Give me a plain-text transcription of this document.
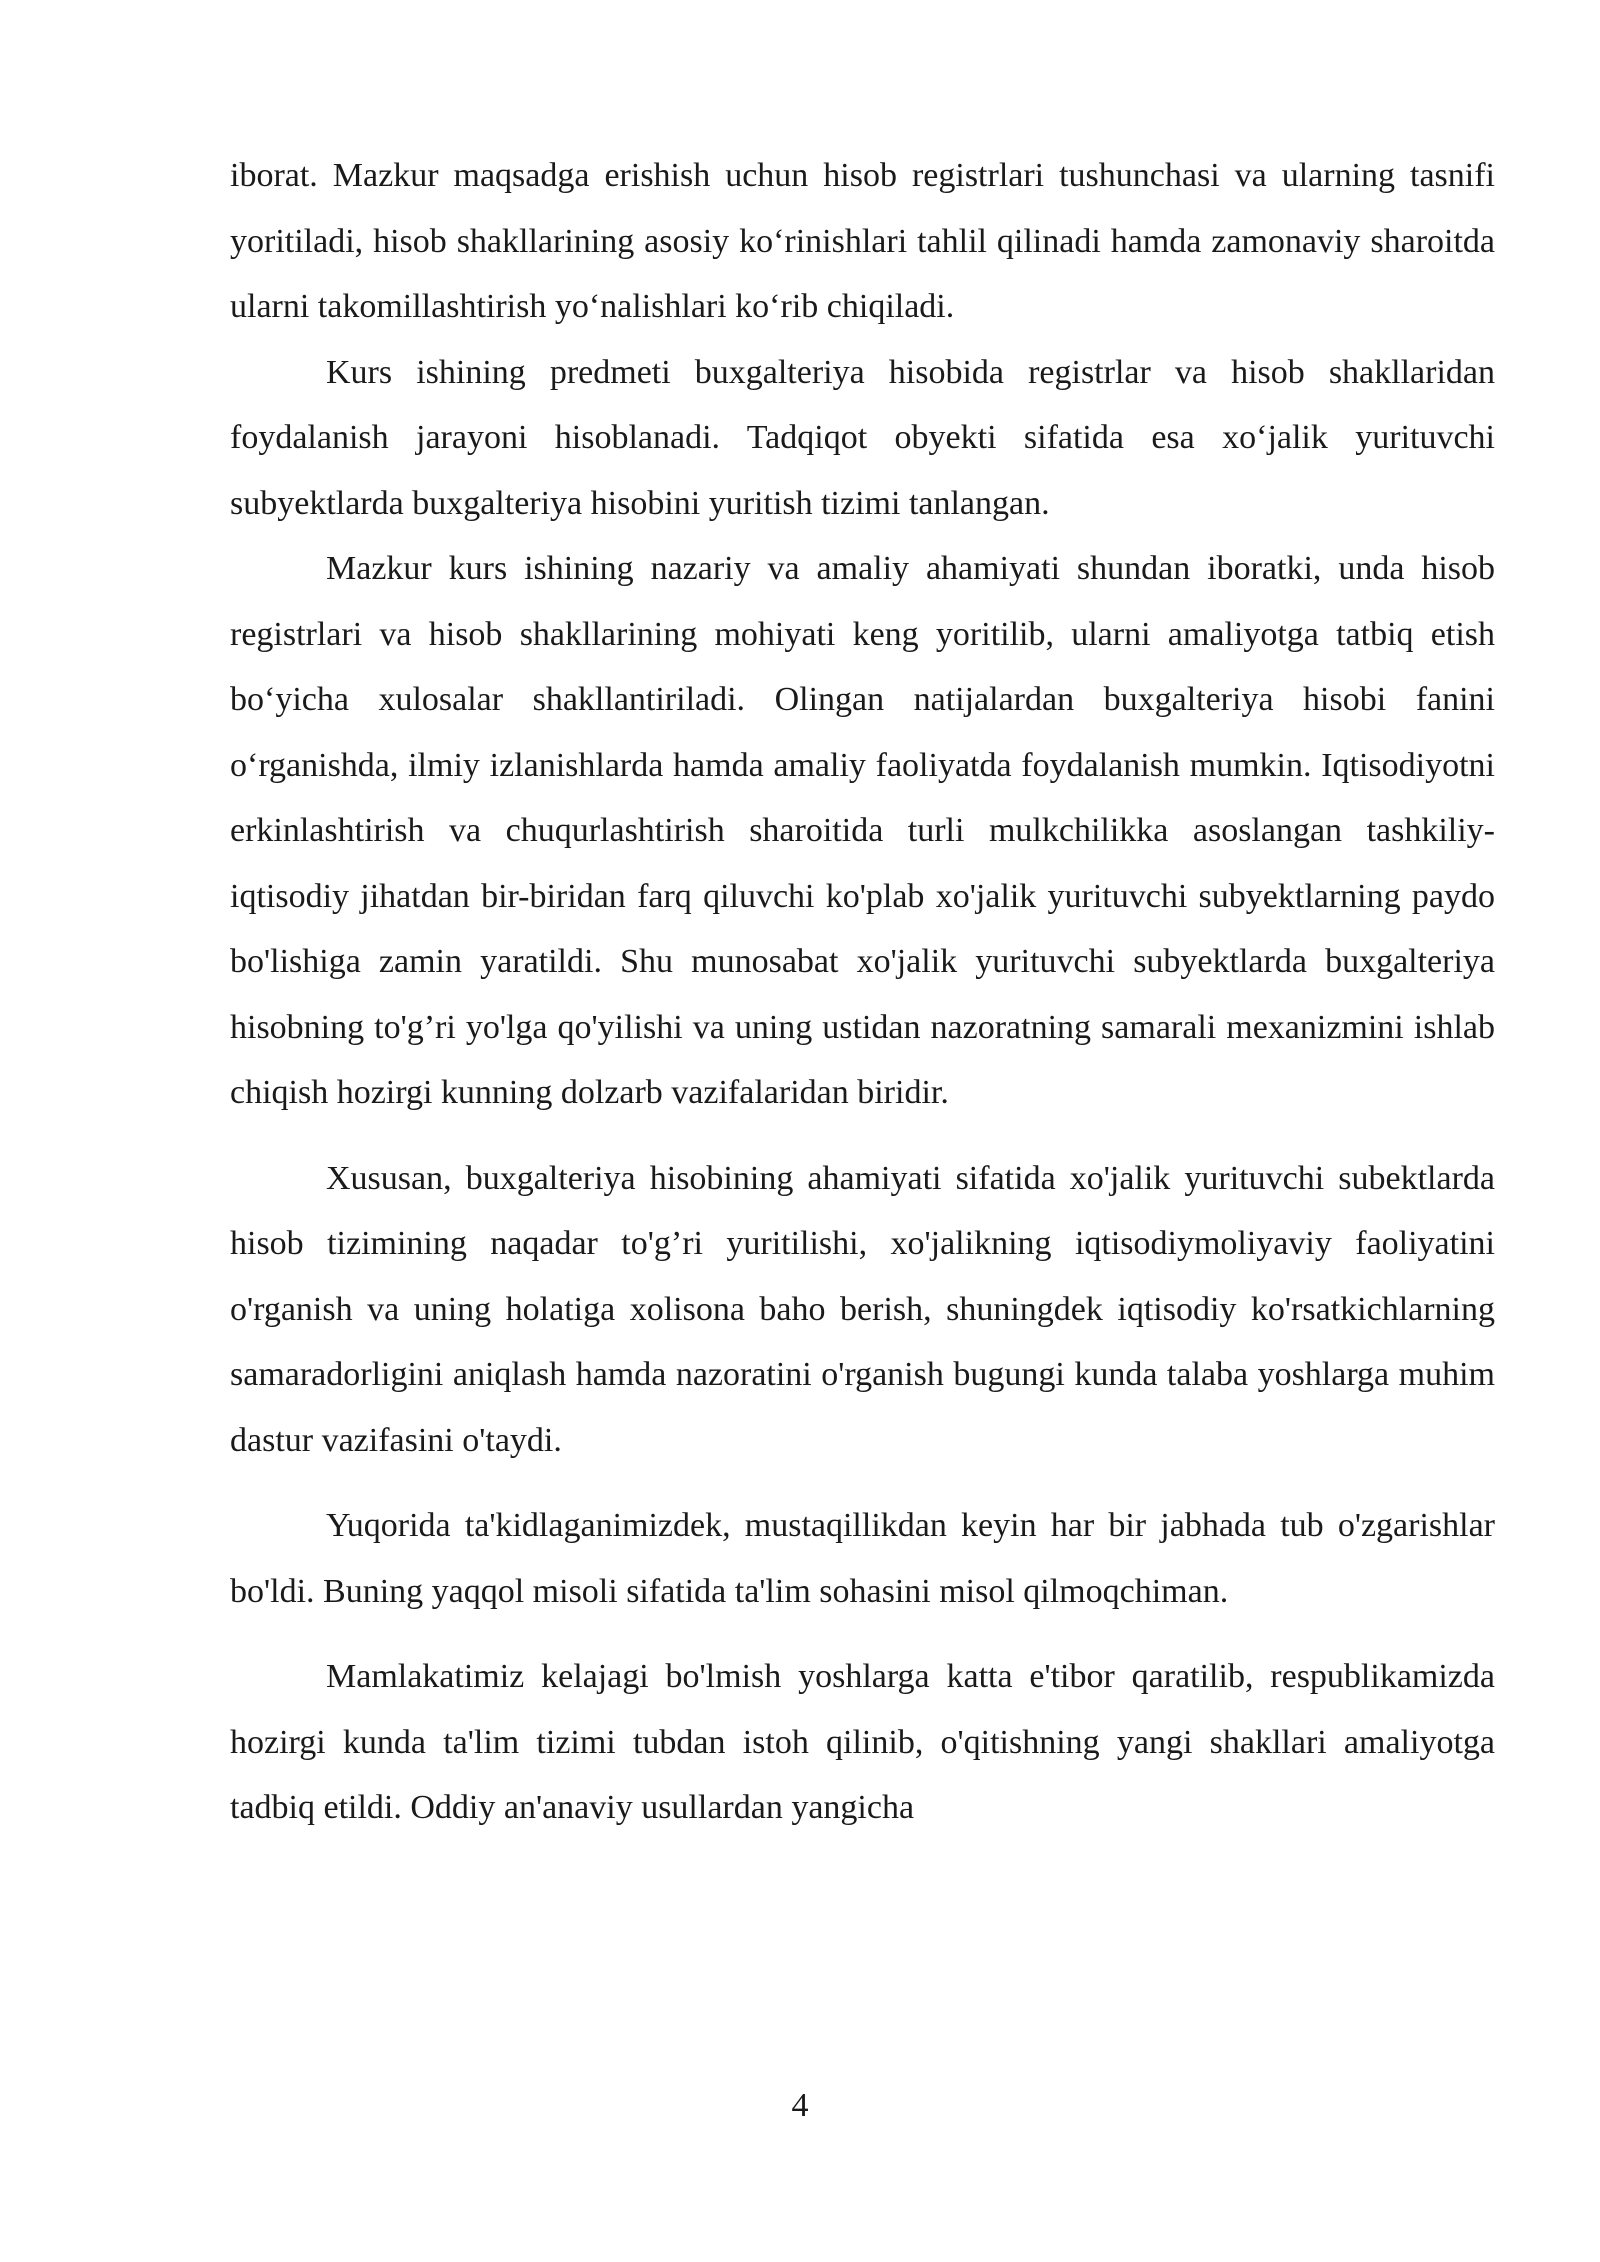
iborat. Mazkur maqsadga erishish uchun hisob registrlari tushunchasi va ularning tasnifi yoritiladi, hisob shakllarining asosiy ko‘rinishlari tahlil qilinadi hamda zamonaviy sharoitda ularni takomillashtirish yo‘nalishlari ko‘rib chiqiladi.

Kurs ishining predmeti buxgalteriya hisobida registrlar va hisob shakllaridan foydalanish jarayoni hisoblanadi. Tadqiqot obyekti sifatida esa xo‘jalik yurituvchi subyektlarda buxgalteriya hisobini yuritish tizimi tanlangan.

Mazkur kurs ishining nazariy va amaliy ahamiyati shundan iboratki, unda hisob registrlari va hisob shakllarining mohiyati keng yoritilib, ularni amaliyotga tatbiq etish bo‘yicha xulosalar shakllantiriladi. Olingan natijalardan buxgalteriya hisobi fanini o‘rganishda, ilmiy izlanishlarda hamda amaliy faoliyatda foydalanish mumkin. Iqtisodiyotni erkinlashtirish va chuqurlashtirish sharoitida turli mulkchilikka asoslangan tashkiliy-iqtisodiy jihatdan bir-biridan farq qiluvchi ko'plab xo'jalik yurituvchi subyektlarning paydo bo'lishiga zamin yaratildi. Shu munosabat xo'jalik yurituvchi subyektlarda buxgalteriya hisobning to'g’ri yo'lga qo'yilishi va uning ustidan nazoratning samarali mexanizmini ishlab chiqish hozirgi kunning dolzarb vazifalaridan biridir.

Xususan, buxgalteriya hisobining ahamiyati sifatida xo'jalik yurituvchi subektlarda hisob tizimining naqadar to'g’ri yuritilishi, xo'jalikning iqtisodiymoliyaviy faoliyatini o'rganish va uning holatiga xolisona baho berish, shuningdek iqtisodiy ko'rsatkichlarning samaradorligini aniqlash hamda nazoratini o'rganish bugungi kunda talaba yoshlarga muhim dastur vazifasini o'taydi.

Yuqorida ta'kidlaganimizdek, mustaqillikdan keyin har bir jabhada tub o'zgarishlar bo'ldi. Buning yaqqol misoli sifatida ta'lim sohasini misol qilmoqchiman.

Mamlakatimiz kelajagi bo'lmish yoshlarga katta e'tibor qaratilib, respublikamizda hozirgi kunda ta'lim tizimi tubdan istoh qilinib, o'qitishning yangi shakllari amaliyotga tadbiq etildi. Oddiy an'anaviy usullardan yangicha

4
